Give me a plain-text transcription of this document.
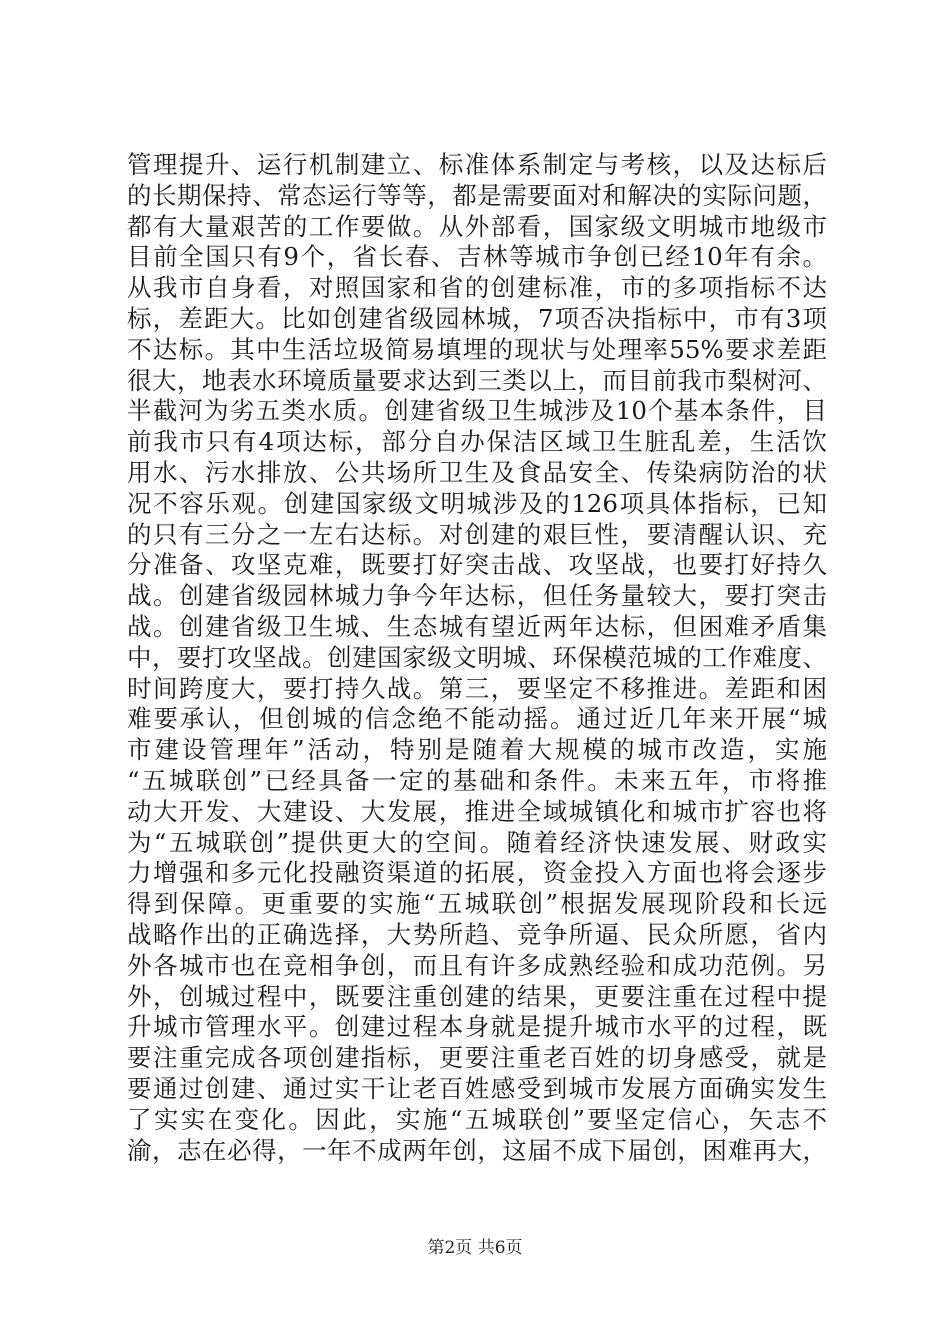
管理提升、运行机制建立、标准体系制定与考核，以及达标后
的长期保持、常态运行等等，都是需要面对和解决的实际问题，
都有大量艰苦的工作要做。从外部看，国家级文明城市地级市
目前全国只有9个，省长春、吉林等城市争创已经10年有余。
从我市自身看，对照国家和省的创建标准，市的多项指标不达
标，差距大。比如创建省级园林城，7项否决指标中，市有3项
不达标。其中生活垃圾简易填埋的现状与处理率55%要求差距
很大，地表水环境质量要求达到三类以上，而目前我市梨树河、
半截河为劣五类水质。创建省级卫生城涉及10个基本条件，目
前我市只有4项达标，部分自办保洁区域卫生脏乱差，生活饮
用水、污水排放、公共场所卫生及食品安全、传染病防治的状
况不容乐观。创建国家级文明城涉及的126项具体指标，已知
的只有三分之一左右达标。对创建的艰巨性，要清醒认识、充
分准备、攻坚克难，既要打好突击战、攻坚战，也要打好持久
战。创建省级园林城力争今年达标，但任务量较大，要打突击
战。创建省级卫生城、生态城有望近两年达标，但困难矛盾集
中，要打攻坚战。创建国家级文明城、环保模范城的工作难度、
时间跨度大，要打持久战。第三，要坚定不移推进。差距和困
难要承认，但创城的信念绝不能动摇。通过近几年来开展“城
市建设管理年”活动，特别是随着大规模的城市改造，实施
“五城联创”已经具备一定的基础和条件。未来五年，市将推
动大开发、大建设、大发展，推进全域城镇化和城市扩容也将
为“五城联创”提供更大的空间。随着经济快速发展、财政实
力增强和多元化投融资渠道的拓展，资金投入方面也将会逐步
得到保障。更重要的实施“五城联创”根据发展现阶段和长远
战略作出的正确选择，大势所趋、竞争所逼、民众所愿，省内
外各城市也在竞相争创，而且有许多成熟经验和成功范例。另
外，创城过程中，既要注重创建的结果，更要注重在过程中提
升城市管理水平。创建过程本身就是提升城市水平的过程，既
要注重完成各项创建指标，更要注重老百姓的切身感受，就是
要通过创建、通过实干让老百姓感受到城市发展方面确实发生
了实实在变化。因此，实施“五城联创”要坚定信心，矢志不
渝，志在必得，一年不成两年创，这届不成下届创，困难再大，
第2页 共6页
